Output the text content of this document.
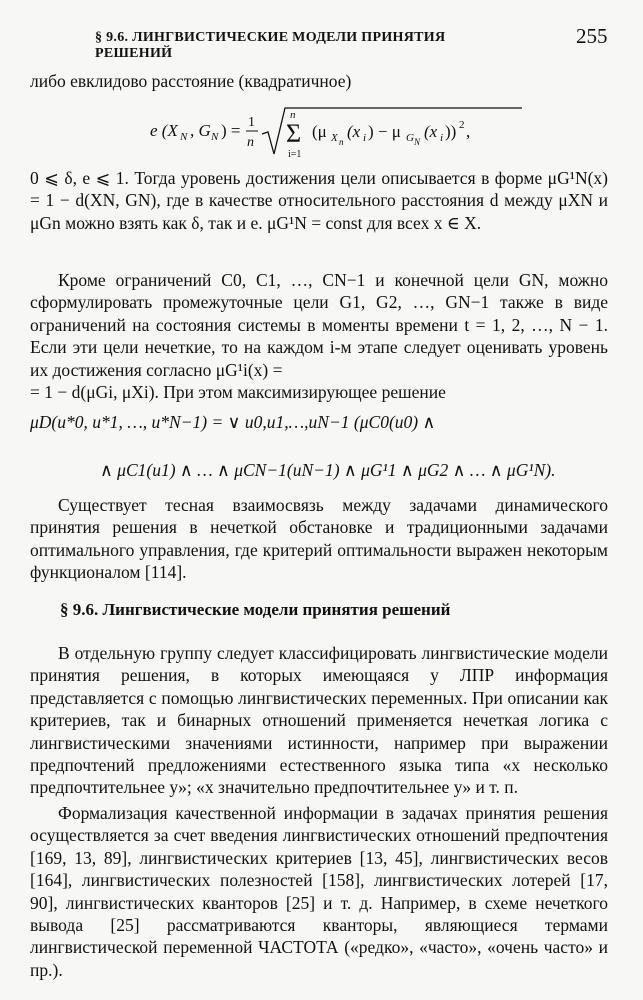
§ 9.6. ЛИНГВИСТИЧЕСКИЕ МОДЕЛИ ПРИНЯТИЯ РЕШЕНИЙ
255
либо евклидово расстояние (квадратичное)
e (X N , G N ) = 1
n
n
Σ
i=1
(μ X n
(x i ) − μ G N
(x i )) 2 ,
0 ⩽ δ, e ⩽ 1. Тогда уровень достижения цели описывается в форме μG¹N(x) = 1 − d(XN, GN), где в качестве относительного расстояния d между μXN и μGn можно взять как δ, так и e. μG¹N = const для всех x ∈ X.
Кроме ограничений C0, C1, …, CN−1 и конечной цели GN, можно сформулировать промежуточные цели G1, G2, …, GN−1 также в виде ограничений на состояния системы в моменты времени t = 1, 2, …, N − 1. Если эти цели нечеткие, то на каждом i-м этапе следует оценивать уровень их достижения согласно μG¹i(x) =
= 1 − d(μGi, μXi). При этом максимизирующее решение
μD(u*0, u*1, …, u*N−1) = ∨ u0,u1,…,uN−1 (μC0(u0) ∧
∧ μC1(u1) ∧ … ∧ μCN−1(uN−1) ∧ μG¹1 ∧ μG2 ∧ … ∧ μG¹N).
Существует тесная взаимосвязь между задачами динамического принятия решения в нечеткой обстановке и традиционными задачами оптимального управления, где критерий оптимальности выражен некоторым функционалом [114].
§ 9.6. Лингвистические модели принятия решений
В отдельную группу следует классифицировать лингвистические модели принятия решения, в которых имеющаяся у ЛПР информация представляется с помощью лингвистических переменных. При описании как критериев, так и бинарных отношений применяется нечеткая логика с лингвистическими значениями истинности, например при выражении предпочтений предложениями естественного языка типа «x несколько предпочтительнее y»; «x значительно предпочтительнее y» и т. п.
Формализация качественной информации в задачах принятия решения осуществляется за счет введения лингвистических отношений предпочтения [169, 13, 89], лингвистических критериев [13, 45], лингвистических весов [164], лингвистических полезностей [158], лингвистических лотерей [17, 90], лингвистических кванторов [25] и т. д. Например, в схеме нечеткого вывода [25] рассматриваются кванторы, являющиеся термами лингвистической переменной ЧАСТОТА («редко», «часто», «очень часто» и пр.).
